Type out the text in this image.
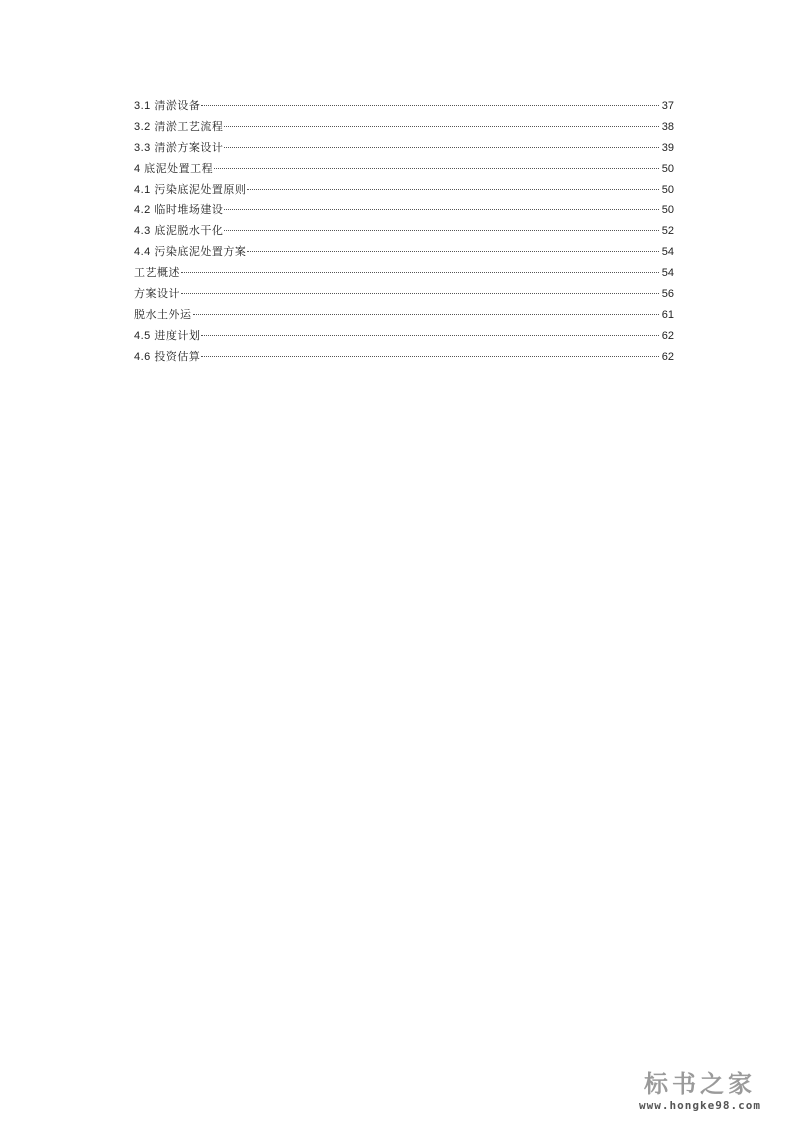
3.1 清淤设备	37
3.2 清淤工艺流程	38
3.3 清淤方案设计	39
4 底泥处置工程	50
4.1 污染底泥处置原则	50
4.2 临时堆场建设	50
4.3 底泥脱水干化	52
4.4 污染底泥处置方案	54
工艺概述	54
方案设计	56
脱水土外运	61
4.5 进度计划	62
4.6 投资估算	62
标书之家
www.hongke98.com
